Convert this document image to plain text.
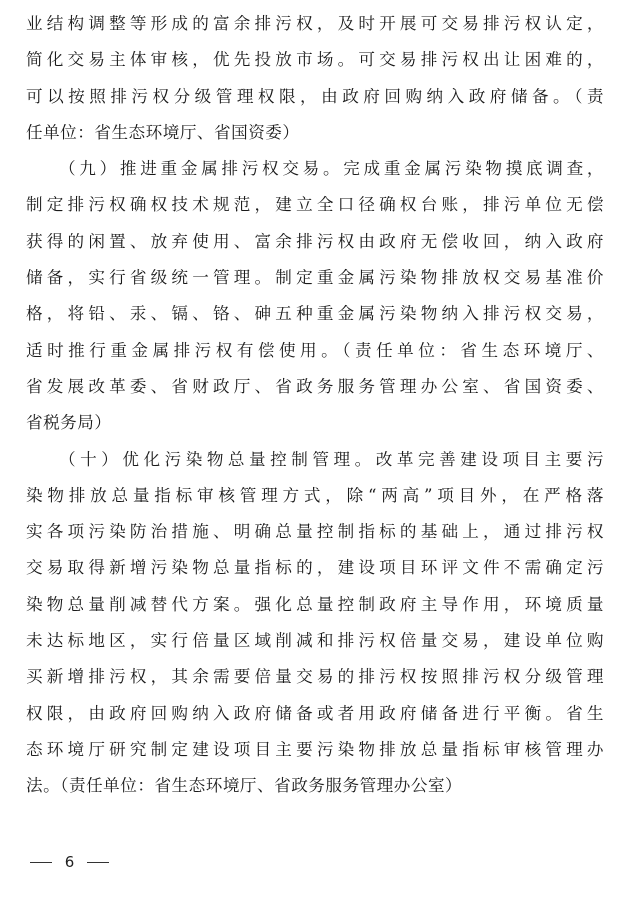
业结构调整等形成的富余排污权，及时开展可交易排污权认定，
简化交易主体审核，优先投放市场。可交易排污权出让困难的，
可以按照排污权分级管理权限，由政府回购纳入政府储备。（责
任单位：省生态环境厅、省国资委）
（九）推进重金属排污权交易。完成重金属污染物摸底调查，
制定排污权确权技术规范，建立全口径确权台账，排污单位无偿
获得的闲置、放弃使用、富余排污权由政府无偿收回，纳入政府
储备，实行省级统一管理。制定重金属污染物排放权交易基准价
格，将铅、汞、镉、铬、砷五种重金属污染物纳入排污权交易，
适时推行重金属排污权有偿使用。（责任单位：省生态环境厅、
省发展改革委、省财政厅、省政务服务管理办公室、省国资委、
省税务局）
（十）优化污染物总量控制管理。改革完善建设项目主要污
染物排放总量指标审核管理方式，除“两高”项目外，在严格落
实各项污染防治措施、明确总量控制指标的基础上，通过排污权
交易取得新增污染物总量指标的，建设项目环评文件不需确定污
染物总量削减替代方案。强化总量控制政府主导作用，环境质量
未达标地区，实行倍量区域削减和排污权倍量交易，建设单位购
买新增排污权，其余需要倍量交易的排污权按照排污权分级管理
权限，由政府回购纳入政府储备或者用政府储备进行平衡。省生
态环境厅研究制定建设项目主要污染物排放总量指标审核管理办
法。（责任单位：省生态环境厅、省政务服务管理办公室）
6
